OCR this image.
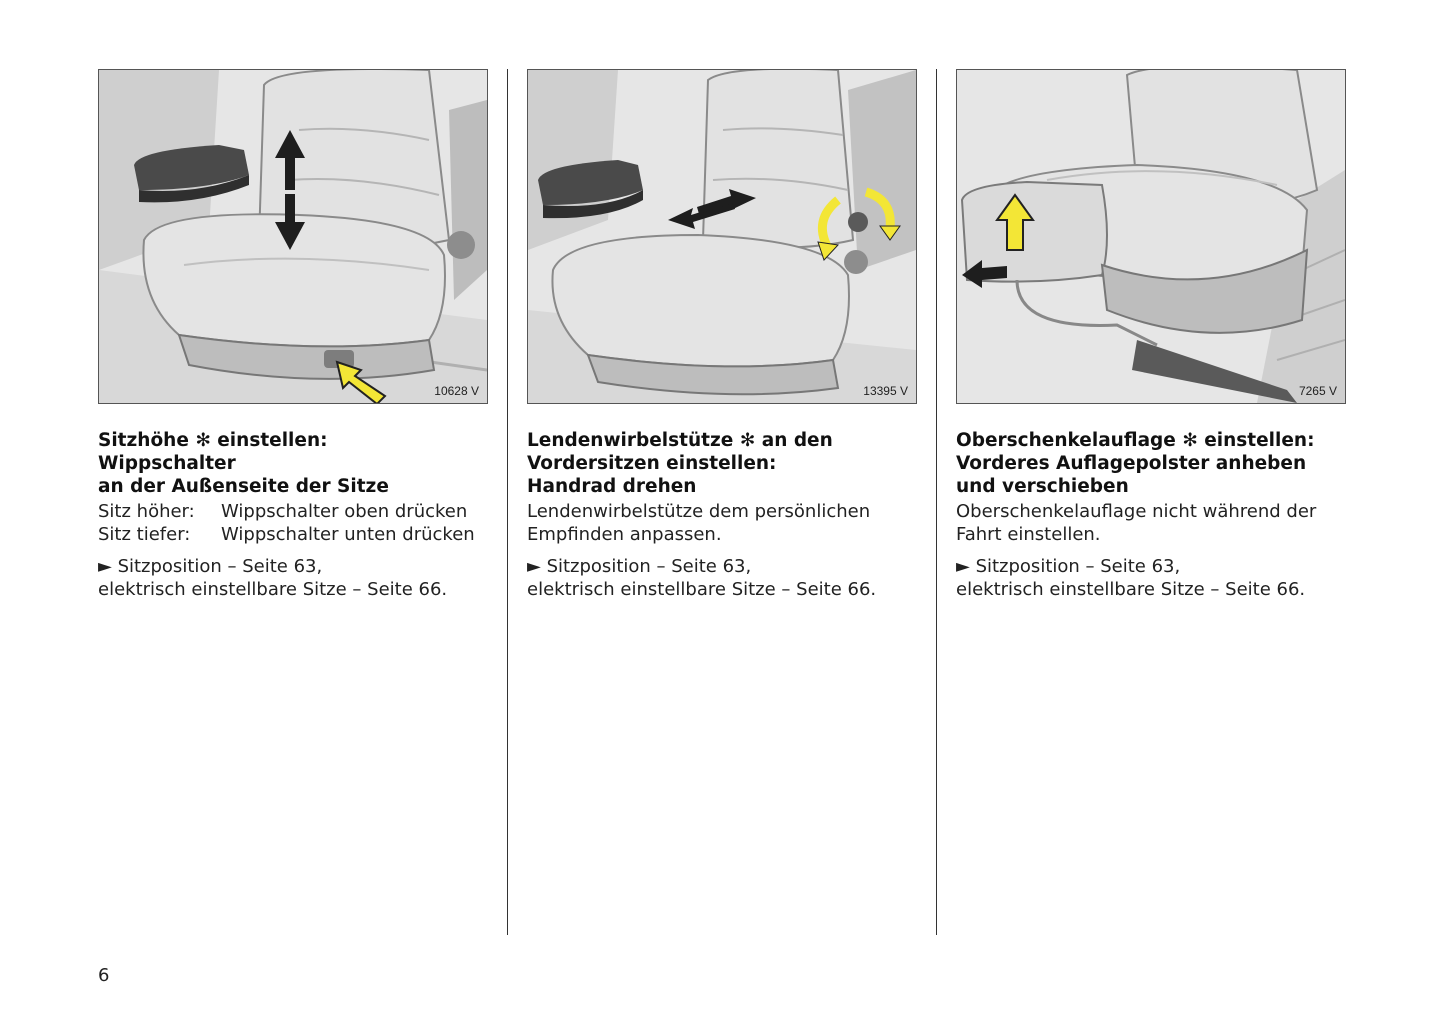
10628 V
Sitzhöhe ✻ einstellen:
Wippschalter
an der Außenseite der Sitze
Sitz höher:	Wippschalter oben drücken
Sitz tiefer:	Wippschalter unten drücken
► Sitzposition – Seite 63,
elektrisch einstellbare Sitze – Seite 66.
13395 V
Lendenwirbelstütze ✻ an den
Vordersitzen einstellen:
Handrad drehen
Lendenwirbelstütze dem persönlichen
Empfinden anpassen.
► Sitzposition – Seite 63,
elektrisch einstellbare Sitze – Seite 66.
7265 V
Oberschenkelauflage ✻ einstellen:
Vorderes Auflagepolster anheben
und verschieben
Oberschenkelauflage nicht während der
Fahrt einstellen.
► Sitzposition – Seite 63,
elektrisch einstellbare Sitze – Seite 66.
6
